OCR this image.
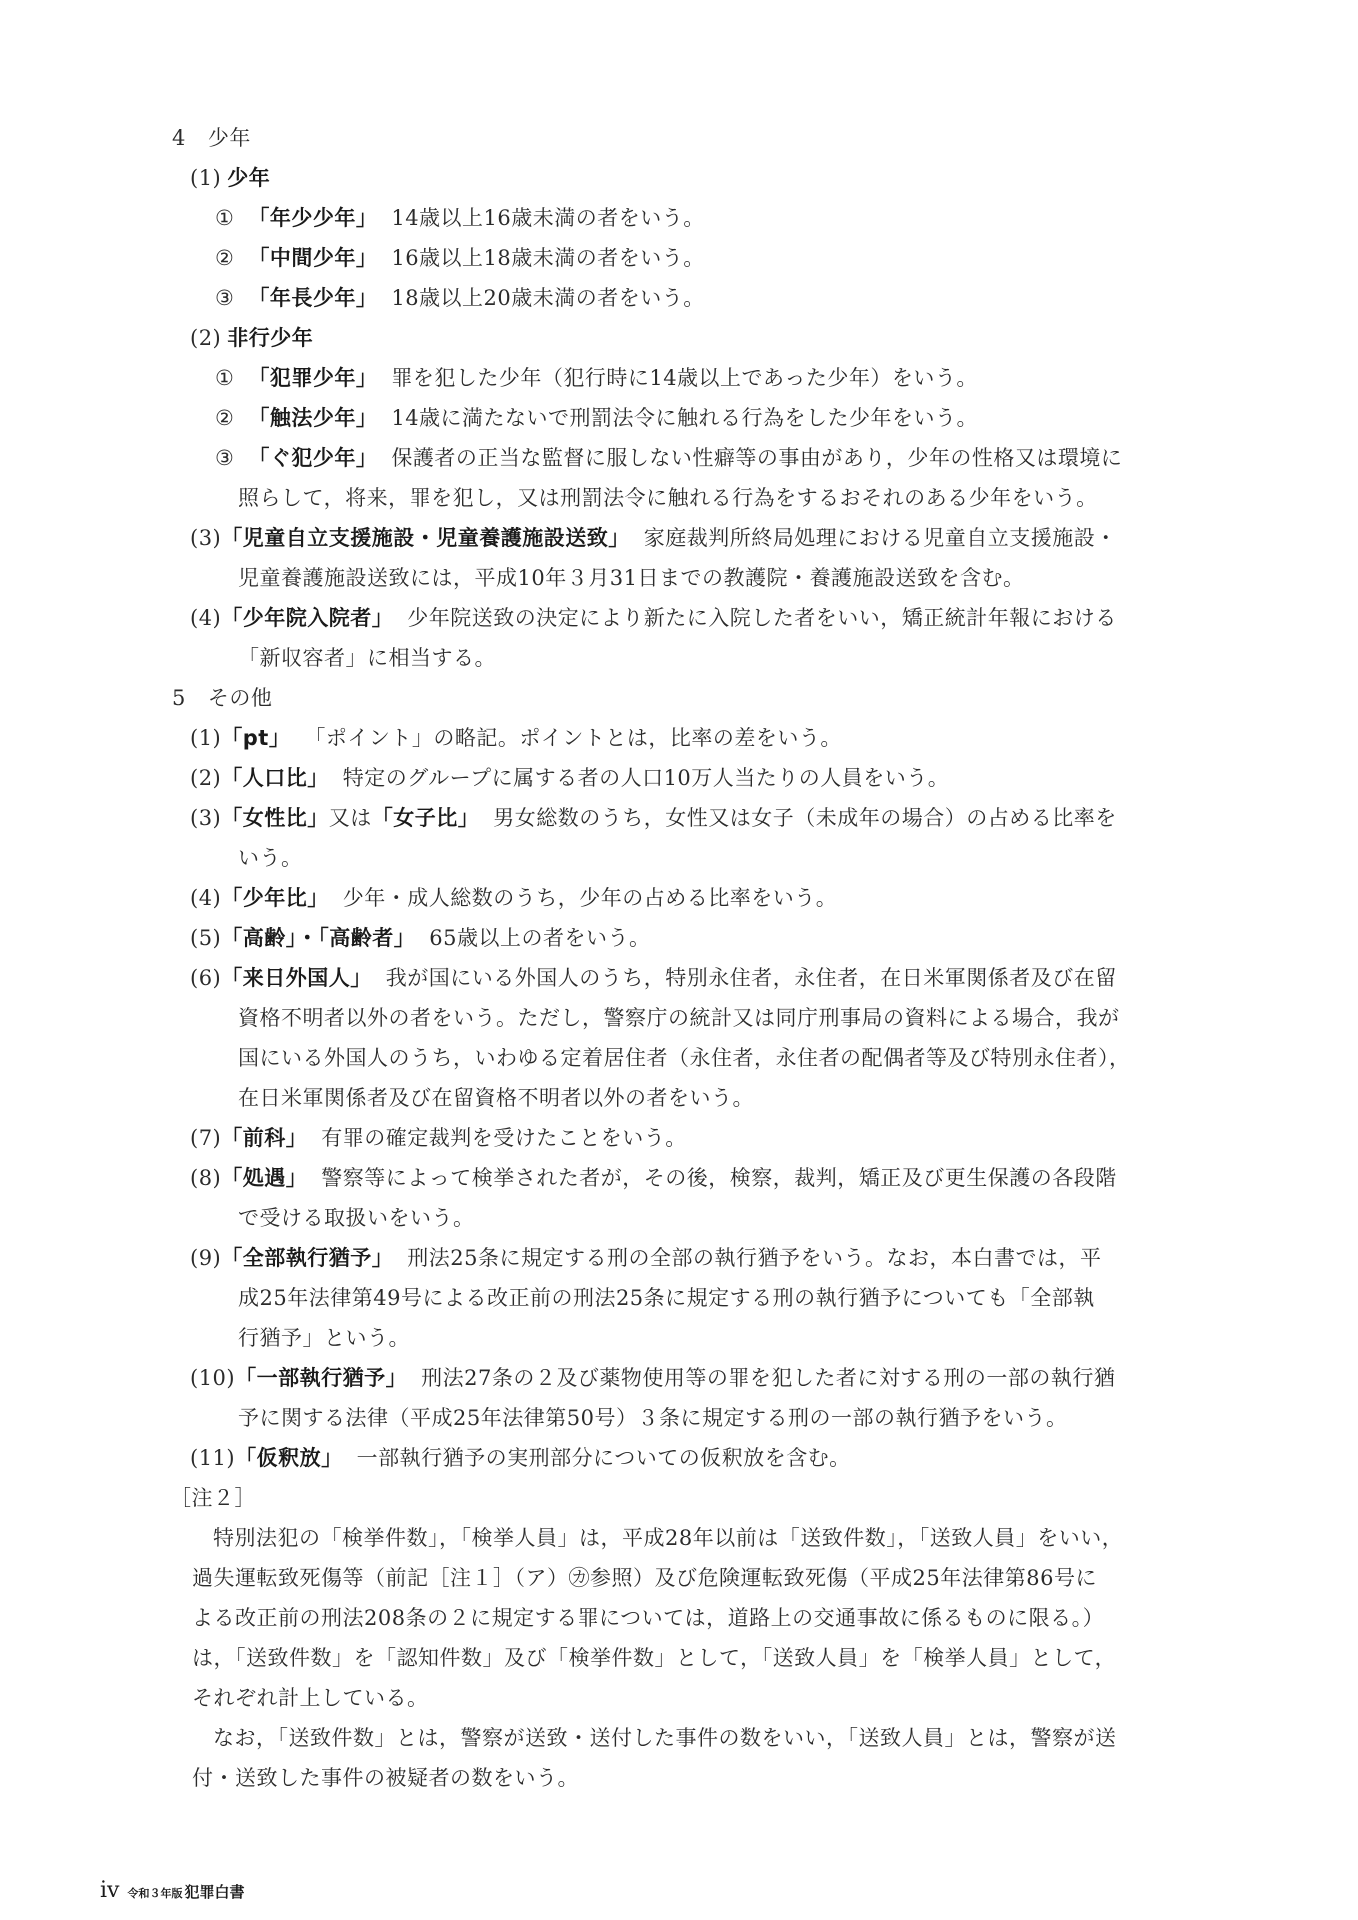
4 少年
(1) 少年
① 「年少少年」 14歳以上16歳未満の者をいう。
② 「中間少年」 16歳以上18歳未満の者をいう。
③ 「年長少年」 18歳以上20歳未満の者をいう。
(2) 非行少年
① 「犯罪少年」 罪を犯した少年（犯行時に14歳以上であった少年）をいう。
② 「触法少年」 14歳に満たないで刑罰法令に触れる行為をした少年をいう。
③ 「ぐ犯少年」 保護者の正当な監督に服しない性癖等の事由があり，少年の性格又は環境に
照らして，将来，罪を犯し，又は刑罰法令に触れる行為をするおそれのある少年をいう。
(3)「児童自立支援施設・児童養護施設送致」 家庭裁判所終局処理における児童自立支援施設・
児童養護施設送致には，平成10年３月31日までの教護院・養護施設送致を含む。
(4)「少年院入院者」 少年院送致の決定により新たに入院した者をいい，矯正統計年報における
「新収容者」に相当する。
5 その他
(1)「pt」 「ポイント」の略記。ポイントとは，比率の差をいう。
(2)「人口比」 特定のグループに属する者の人口10万人当たりの人員をいう。
(3)「女性比」又は「女子比」 男女総数のうち，女性又は女子（未成年の場合）の占める比率を
いう。
(4)「少年比」 少年・成人総数のうち，少年の占める比率をいう。
(5)「高齢」・「高齢者」 65歳以上の者をいう。
(6)「来日外国人」 我が国にいる外国人のうち，特別永住者，永住者，在日米軍関係者及び在留
資格不明者以外の者をいう。ただし，警察庁の統計又は同庁刑事局の資料による場合，我が
国にいる外国人のうち，いわゆる定着居住者（永住者，永住者の配偶者等及び特別永住者），
在日米軍関係者及び在留資格不明者以外の者をいう。
(7)「前科」 有罪の確定裁判を受けたことをいう。
(8)「処遇」 警察等によって検挙された者が，その後，検察，裁判，矯正及び更生保護の各段階
で受ける取扱いをいう。
(9)「全部執行猶予」 刑法25条に規定する刑の全部の執行猶予をいう。なお，本白書では，平
成25年法律第49号による改正前の刑法25条に規定する刑の執行猶予についても「全部執
行猶予」という。
(10)「一部執行猶予」 刑法27条の２及び薬物使用等の罪を犯した者に対する刑の一部の執行猶
予に関する法律（平成25年法律第50号）３条に規定する刑の一部の執行猶予をいう。
(11)「仮釈放」 一部執行猶予の実刑部分についての仮釈放を含む。
［注２］
特別法犯の「検挙件数」，「検挙人員」は，平成28年以前は「送致件数」，「送致人員」をいい，
過失運転致死傷等（前記［注１］（ア）㋕参照）及び危険運転致死傷（平成25年法律第86号に
よる改正前の刑法208条の２に規定する罪については，道路上の交通事故に係るものに限る。）
は，「送致件数」を「認知件数」及び「検挙件数」として，「送致人員」を「検挙人員」として，
それぞれ計上している。
なお，「送致件数」とは，警察が送致・送付した事件の数をいい，「送致人員」とは，警察が送
付・送致した事件の被疑者の数をいう。
iv 令和３年版 犯罪白書
